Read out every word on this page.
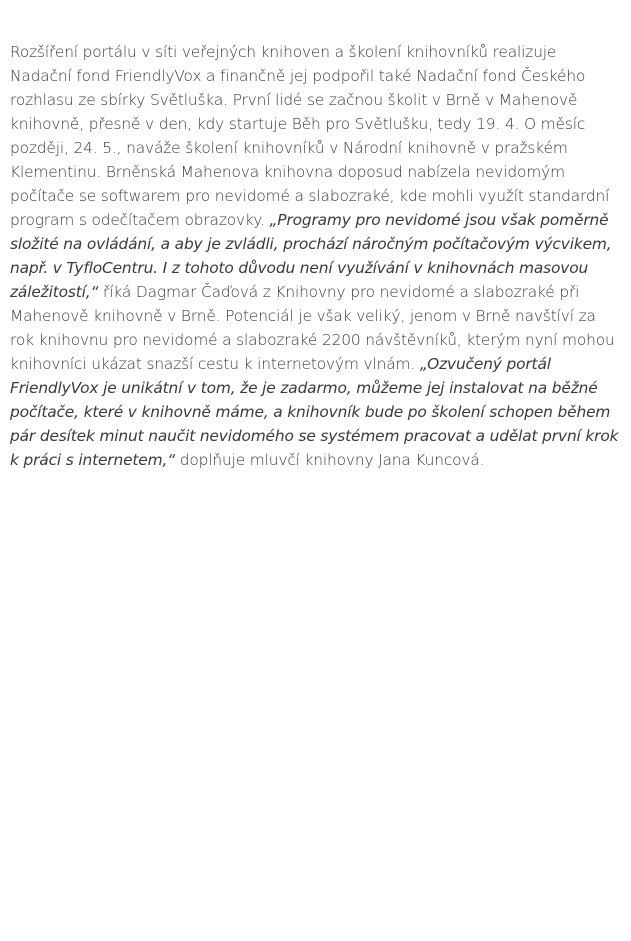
Rozšíření portálu v síti veřejných knihoven a školení knihovníků realizuje Nadační fond FriendlyVox a finančně jej podpořil také Nadační fond Českého rozhlasu ze sbírky Světluška. První lidé se začnou školit v Brně v Mahenově knihovně, přesně v den, kdy startuje Běh pro Světlušku, tedy 19. 4. O měsíc později, 24. 5., naváže školení knihovníků v Národní knihovně v pražském Klementinu. Brněnská Mahenova knihovna doposud nabízela nevidomým počítače se softwarem pro nevidomé a slabozraké, kde mohli využít standardní program s odečítačem obrazovky. „Programy pro nevidomé jsou však poměrně složité na ovládání, a aby je zvládli, prochází náročným počítačovým výcvikem, např. v TyfloCentru. I z tohoto důvodu není využívání v knihovnách masovou záležitostí,“ říká Dagmar Čaďová z Knihovny pro nevidomé a slabozraké při Mahenově knihovně v Brně. Potenciál je však veliký, jenom v Brně navštíví za rok knihovnu pro nevidomé a slabozraké 2200 návštěvníků, kterým nyní mohou knihovníci ukázat snazší cestu k internetovým vlnám. „Ozvučený portál FriendlyVox je unikátní v tom, že je zadarmo, můžeme jej instalovat na běžné počítače, které v knihovně máme, a knihovník bude po školení schopen během pár desítek minut naučit nevidomého se systémem pracovat a udělat první krok k práci s internetem,“ doplňuje mluvčí knihovny Jana Kuncová.
